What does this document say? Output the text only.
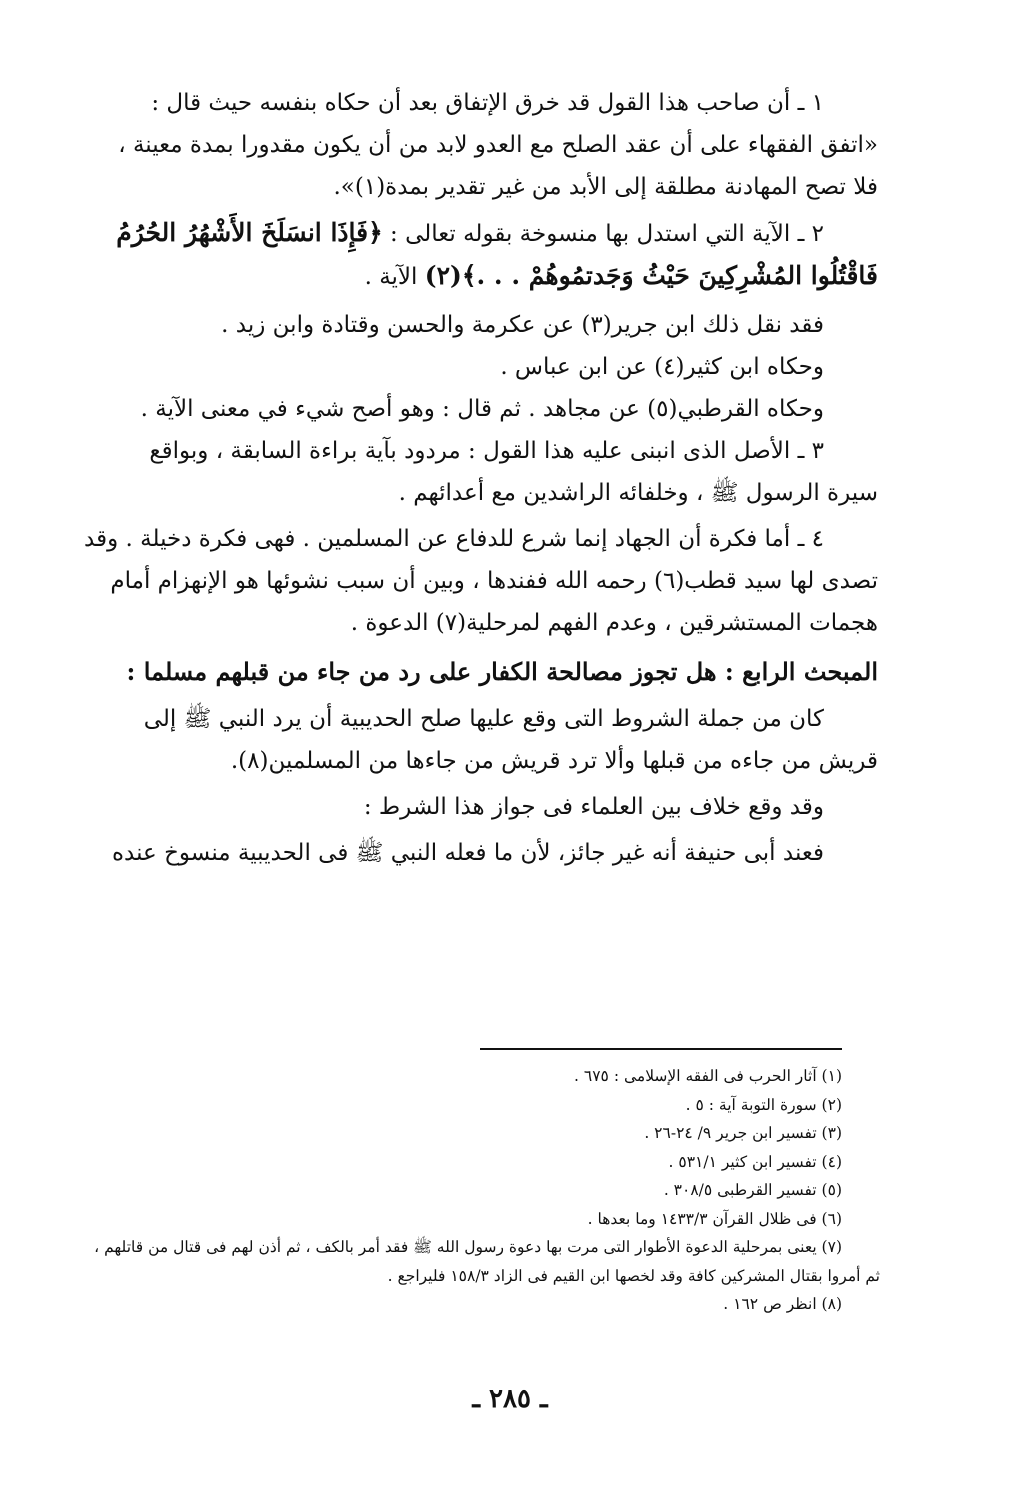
١ ـ أن صاحب هذا القول قد خرق الإتفاق بعد أن حكاه بنفسه حيث قال :
«اتفق الفقهاء على أن عقد الصلح مع العدو لابد من أن يكون مقدورا بمدة معينة ،
فلا تصح المهادنة مطلقة إلى الأبد من غير تقدير بمدة(١)».
٢ ـ الآية التي استدل بها منسوخة بقوله تعالى : ﴿فَإِذَا انسَلَخَ الأَشْهُرُ الحُرُمُ
فَاقْتُلُوا المُشْرِكِينَ حَيْثُ وَجَدتمُوهُمْ . . .﴾(٢) الآية .
فقد نقل ذلك ابن جرير(٣) عن عكرمة والحسن وقتادة وابن زيد .
وحكاه ابن كثير(٤) عن ابن عباس .
وحكاه القرطبي(٥) عن مجاهد . ثم قال : وهو أصح شيء في معنى الآية .
٣ ـ الأصل الذى انبنى عليه هذا القول : مردود بآية براءة السابقة ، وبواقع
سيرة الرسول ﷺ ، وخلفائه الراشدين مع أعدائهم .
٤ ـ أما فكرة أن الجهاد إنما شرع للدفاع عن المسلمين . فهى فكرة دخيلة . وقد
تصدى لها سيد قطب(٦) رحمه الله ففندها ، وبين أن سبب نشوئها هو الإنهزام أمام
هجمات المستشرقين ، وعدم الفهم لمرحلية(٧) الدعوة .
المبحث الرابع : هل تجوز مصالحة الكفار على رد من جاء من قبلهم مسلما :
كان من جملة الشروط التى وقع عليها صلح الحديبية أن يرد النبي ﷺ إلى
قريش من جاءه من قبلها وألا ترد قريش من جاءها من المسلمين(٨).
وقد وقع خلاف بين العلماء فى جواز هذا الشرط :
فعند أبى حنيفة أنه غير جائز، لأن ما فعله النبي ﷺ فى الحديبية منسوخ عنده
(١) آثار الحرب فى الفقه الإسلامى : ٦٧٥ .
(٢) سورة التوبة آية : ٥ .
(٣) تفسير ابن جرير ٩/ ٢٤-٢٦ .
(٤) تفسير ابن كثير ٥٣١/١ .
(٥) تفسير القرطبى ٣٠٨/٥ .
(٦) فى ظلال القرآن ١٤٣٣/٣ وما بعدها .
(٧) يعنى بمرحلية الدعوة الأطوار التى مرت بها دعوة رسول الله ﷺ فقد أمر بالكف ، ثم أذن لهم فى قتال من قاتلهم ،
ثم أمروا بقتال المشركين كافة وقد لخصها ابن القيم فى الزاد ١٥٨/٣ فليراجع .
(٨) انظر ص ١٦٢ .
ـ ٢٨٥ ـ
